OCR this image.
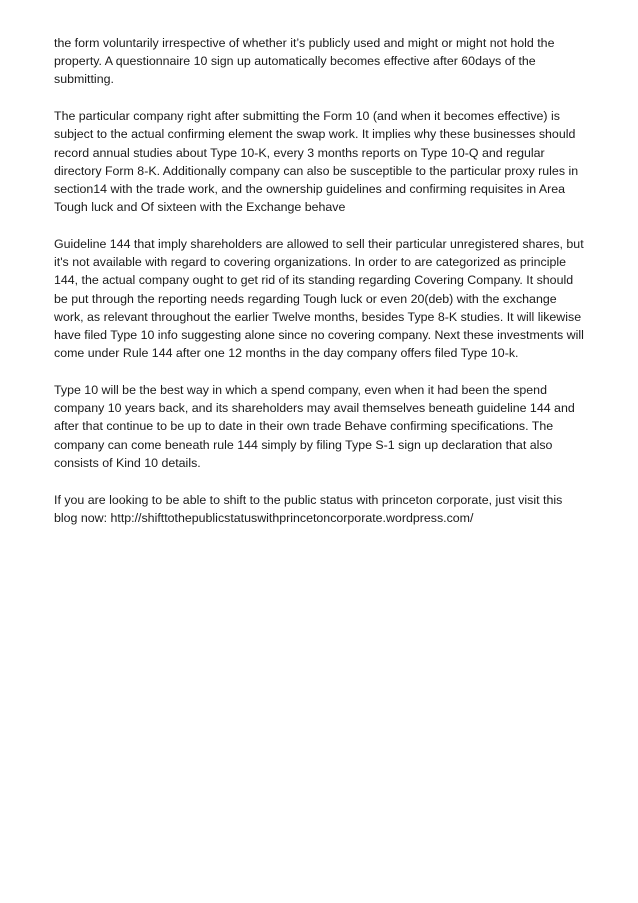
the form voluntarily irrespective of whether it’s publicly used and might or might not hold the property. A questionnaire 10 sign up automatically becomes effective after 60days of the submitting.

The particular company right after submitting the Form 10 (and when it becomes effective) is subject to the actual confirming element the swap work. It implies why these businesses should record annual studies about Type 10-K, every 3 months reports on Type 10-Q and regular directory Form 8-K. Additionally company can also be susceptible to the particular proxy rules in section14 with the trade work, and the ownership guidelines and confirming requisites in Area Tough luck and Of sixteen with the Exchange behave

Guideline 144 that imply shareholders are allowed to sell their particular unregistered shares, but it's not available with regard to covering organizations. In order to are categorized as principle 144, the actual company ought to get rid of its standing regarding Covering Company. It should be put through the reporting needs regarding Tough luck or even 20(deb) with the exchange work, as relevant throughout the earlier Twelve months, besides Type 8-K studies. It will likewise have filed Type 10 info suggesting alone since no covering company. Next these investments will come under Rule 144 after one 12 months in the day company offers filed Type 10-k.

Type 10 will be the best way in which a spend company, even when it had been the spend company 10 years back, and its shareholders may avail themselves beneath guideline 144 and after that continue to be up to date in their own trade Behave confirming specifications. The company can come beneath rule 144 simply by filing Type S-1 sign up declaration that also consists of Kind 10 details.

If you are looking to be able to shift to the public status with princeton corporate, just visit this blog now: http://shifttothepublicstatuswithprincetoncorporate.wordpress.com/
